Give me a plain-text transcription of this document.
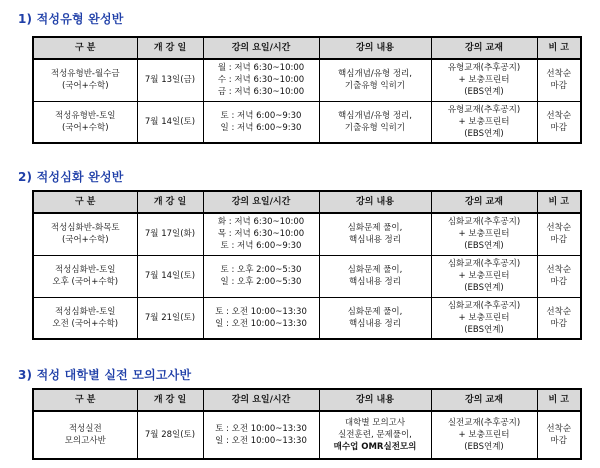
1) 적성유형 완성반
구 분	개 강 일	강의 요일/시간	강의 내용	강의 교재	비 고

적성유형반-월수금
(국어+수학)	7월 13일(금)	월 : 저녁 6:30~10:00
수 : 저녁 6:30~10:00
금 : 저녁 6:30~10:00	핵심개념/유형 정리,
기출유형 익히기	유형교재(추후공지)
+ 보충프린터
(EBS연계)	선착순
마감

적성유형반-토일
(국어+수학)	7월 14일(토)	토 : 저녁 6:00~9:30
일 : 저녁 6:00~9:30	핵심개념/유형 정리,
기출유형 익히기	유형교재(추후공지)
+ 보충프린터
(EBS연계)	선착순
마감
2) 적성심화 완성반
구 분	개 강 일	강의 요일/시간	강의 내용	강의 교재	비 고

적성심화반-화목토
(국어+수학)	7월 17일(화)	화 : 저녁 6:30~10:00
목 : 저녁 6:30~10:00
토 : 저녁 6:00~9:30	심화문제 풀이,
핵심내용 정리	심화교재(추후공지)
+ 보충프린터
(EBS연계)	선착순
마감

적성심화반-토일
오후 (국어+수학)	7월 14일(토)	토 : 오후 2:00~5:30
일 : 오후 2:00~5:30	심화문제 풀이,
핵심내용 정리	심화교재(추후공지)
+ 보충프린터
(EBS연계)	선착순
마감

적성심화반-토일
오전 (국어+수학)	7월 21일(토)	토 : 오전 10:00~13:30
일 : 오전 10:00~13:30	심화문제 풀이,
핵심내용 정리	심화교재(추후공지)
+ 보충프린터
(EBS연계)	선착순
마감
3) 적성 대학별 실전 모의고사반
구 분	개 강 일	강의 요일/시간	강의 내용	강의 교재	비 고

적성실전
모의고사반	7월 28일(토)	토 : 오전 10:00~13:30
일 : 오전 10:00~13:30	대학별 모의고사
실전훈련, 문제풀이,
매수업 OMR실전모의	실전교재(추후공지)
+ 보충프린터
(EBS연계)	선착순
마감
